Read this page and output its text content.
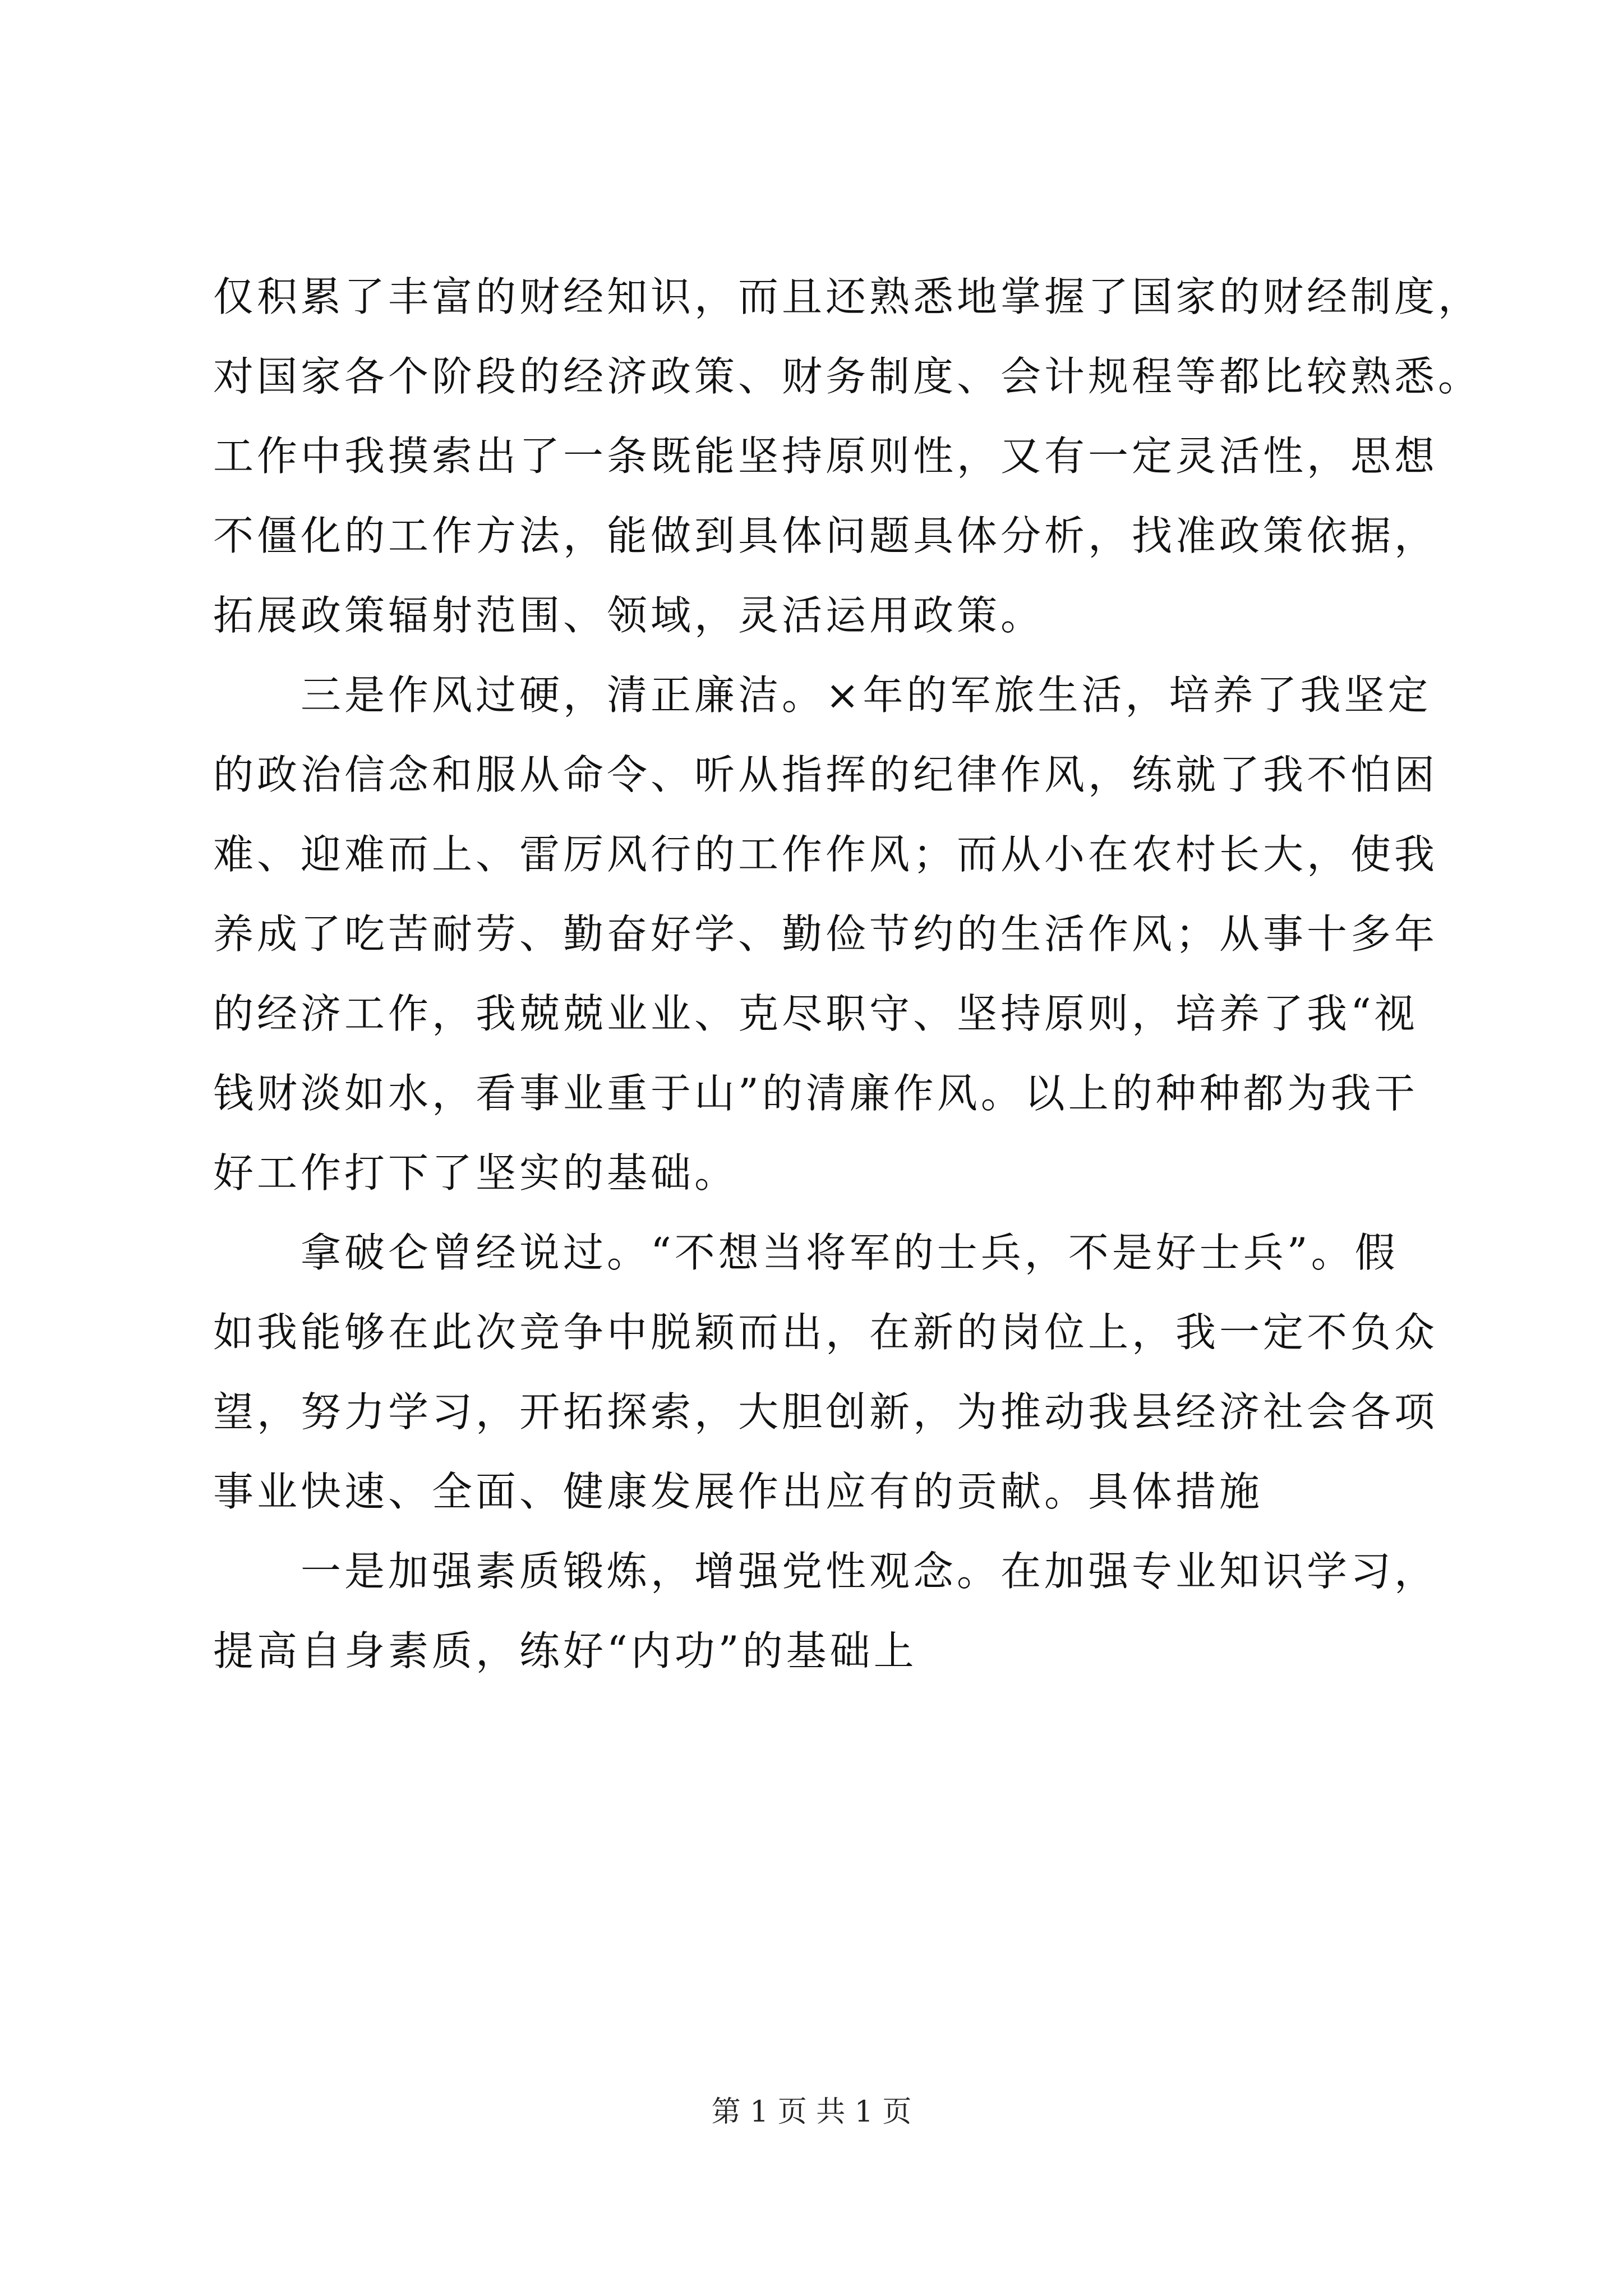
仅积累了丰富的财经知识，而且还熟悉地掌握了国家的财经制度，
对国家各个阶段的经济政策、财务制度、会计规程等都比较熟悉。
工作中我摸索出了一条既能坚持原则性，又有一定灵活性，思想
不僵化的工作方法，能做到具体问题具体分析，找准政策依据，
拓展政策辐射范围、领域，灵活运用政策。
三是作风过硬，清正廉洁。×年的军旅生活，培养了我坚定
的政治信念和服从命令、听从指挥的纪律作风，练就了我不怕困
难、迎难而上、雷厉风行的工作作风；而从小在农村长大，使我
养成了吃苦耐劳、勤奋好学、勤俭节约的生活作风；从事十多年
的经济工作，我兢兢业业、克尽职守、坚持原则，培养了我“视
钱财淡如水，看事业重于山”的清廉作风。以上的种种都为我干
好工作打下了坚实的基础。
拿破仑曾经说过。“不想当将军的士兵，不是好士兵”。假
如我能够在此次竞争中脱颖而出，在新的岗位上，我一定不负众
望，努力学习，开拓探索，大胆创新，为推动我县经济社会各项
事业快速、全面、健康发展作出应有的贡献。具体措施
一是加强素质锻炼，增强党性观念。在加强专业知识学习，
提高自身素质，练好“内功”的基础上
第 1 页 共 1 页
